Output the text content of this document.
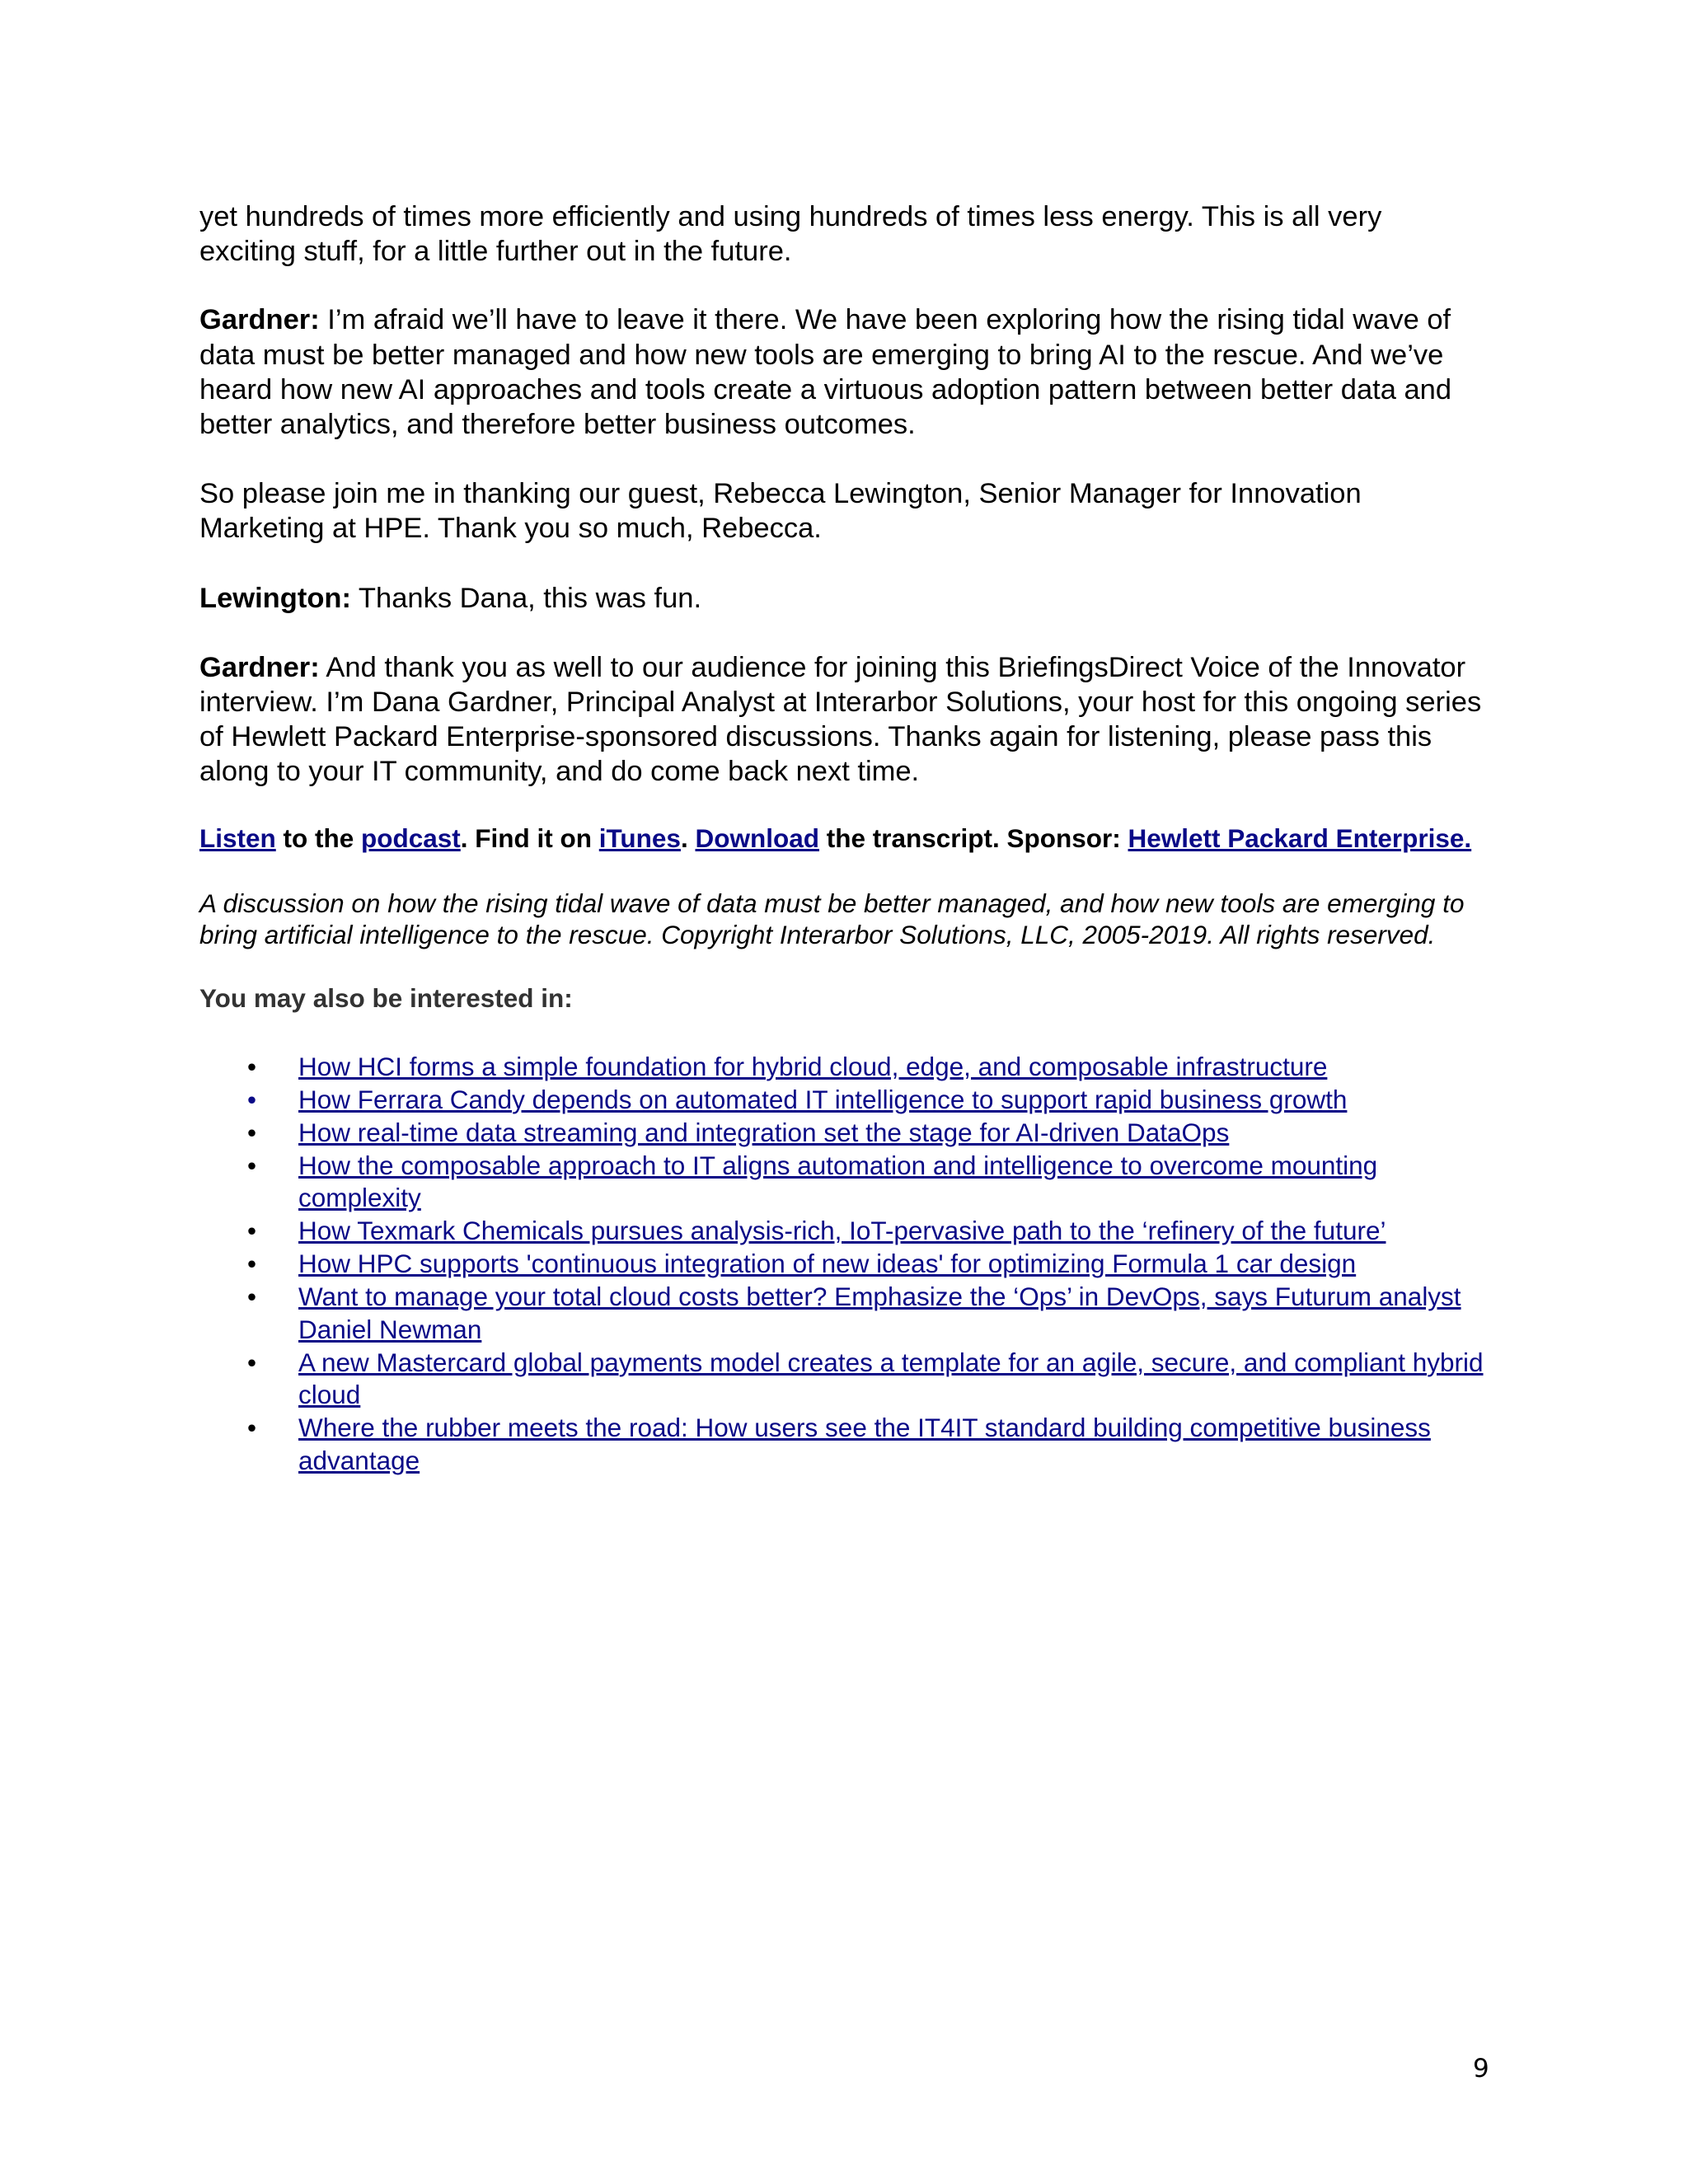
yet hundreds of times more efficiently and using hundreds of times less energy. This is all very exciting stuff, for a little further out in the future.

Gardner: I’m afraid we’ll have to leave it there. We have been exploring how the rising tidal wave of data must be better managed and how new tools are emerging to bring AI to the rescue. And we’ve heard how new AI approaches and tools create a virtuous adoption pattern between better data and better analytics, and therefore better business outcomes.

So please join me in thanking our guest, Rebecca Lewington, Senior Manager for Innovation Marketing at HPE. Thank you so much, Rebecca.

Lewington: Thanks Dana, this was fun.

Gardner: And thank you as well to our audience for joining this BriefingsDirect Voice of the Innovator interview. I’m Dana Gardner, Principal Analyst at Interarbor Solutions, your host for this ongoing series of Hewlett Packard Enterprise-sponsored discussions. Thanks again for listening, please pass this along to your IT community, and do come back next time.

Listen to the podcast. Find it on iTunes. Download the transcript. Sponsor: Hewlett Packard Enterprise.

A discussion on how the rising tidal wave of data must be better managed, and how new tools are emerging to bring artificial intelligence to the rescue. Copyright Interarbor Solutions, LLC, 2005-2019. All rights reserved.

You may also be interested in:

• How HCI forms a simple foundation for hybrid cloud, edge, and composable infrastructure
• How Ferrara Candy depends on automated IT intelligence to support rapid business growth
• How real-time data streaming and integration set the stage for AI-driven DataOps
• How the composable approach to IT aligns automation and intelligence to overcome mounting complexity
• How Texmark Chemicals pursues analysis-rich, IoT-pervasive path to the ‘refinery of the future’
• How HPC supports 'continuous integration of new ideas' for optimizing Formula 1 car design
• Want to manage your total cloud costs better? Emphasize the ‘Ops’ in DevOps, says Futurum analyst Daniel Newman
• A new Mastercard global payments model creates a template for an agile, secure, and compliant hybrid cloud
• Where the rubber meets the road: How users see the IT4IT standard building competitive business advantage
9
